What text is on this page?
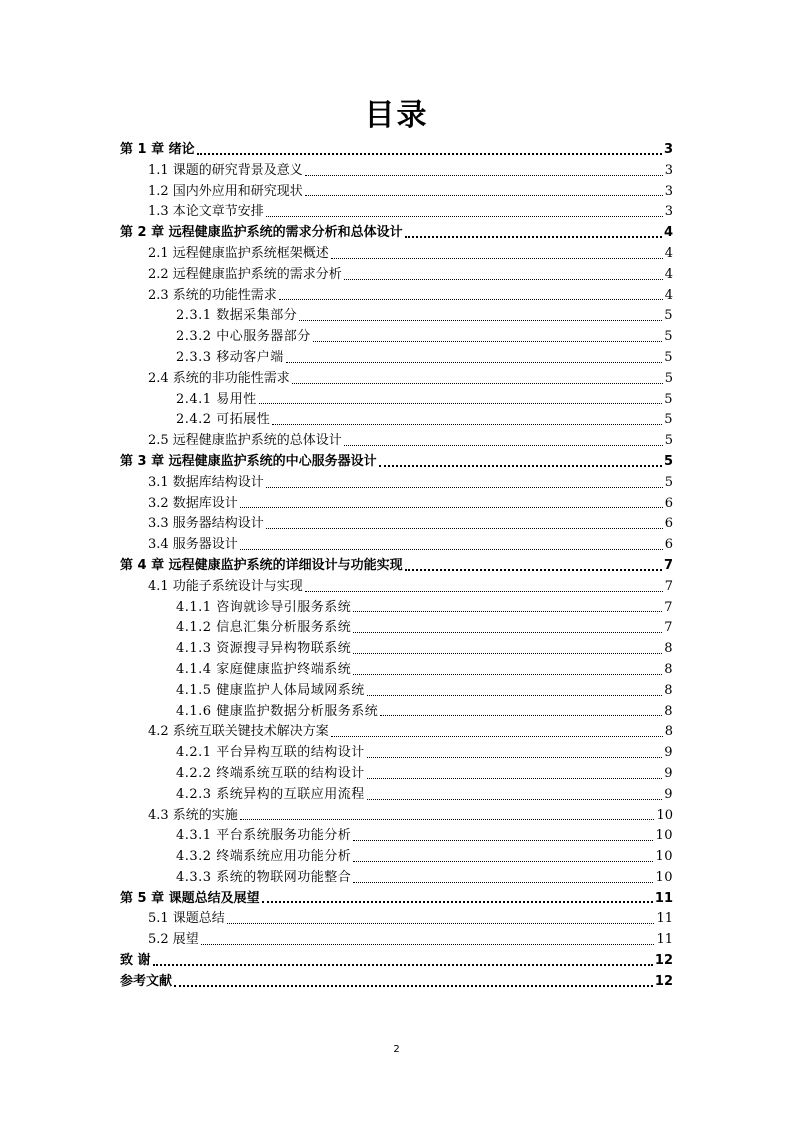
目录
第 1 章 绪论	3
1.1 课题的研究背景及意义	3
1.2 国内外应用和研究现状	3
1.3 本论文章节安排	3
第 2 章 远程健康监护系统的需求分析和总体设计	4
2.1 远程健康监护系统框架概述	4
2.2 远程健康监护系统的需求分析	4
2.3 系统的功能性需求	4
2.3.1 数据采集部分	5
2.3.2 中心服务器部分	5
2.3.3 移动客户端	5
2.4 系统的非功能性需求	5
2.4.1 易用性	5
2.4.2 可拓展性	5
2.5 远程健康监护系统的总体设计	5
第 3 章 远程健康监护系统的中心服务器设计	5
3.1 数据库结构设计	5
3.2 数据库设计	6
3.3 服务器结构设计	6
3.4 服务器设计	6
第 4 章 远程健康监护系统的详细设计与功能实现	7
4.1 功能子系统设计与实现	7
4.1.1 咨询就诊导引服务系统	7
4.1.2 信息汇集分析服务系统	7
4.1.3 资源搜寻异构物联系统	8
4.1.4 家庭健康监护终端系统	8
4.1.5 健康监护人体局域网系统	8
4.1.6 健康监护数据分析服务系统	8
4.2 系统互联关键技术解决方案	8
4.2.1 平台异构互联的结构设计	9
4.2.2 终端系统互联的结构设计	9
4.2.3 系统异构的互联应用流程	9
4.3 系统的实施	10
4.3.1 平台系统服务功能分析	10
4.3.2 终端系统应用功能分析	10
4.3.3 系统的物联网功能整合	10
第 5 章 课题总结及展望	11
5.1 课题总结	11
5.2 展望	11
致 谢	12
参考文献	12
2
